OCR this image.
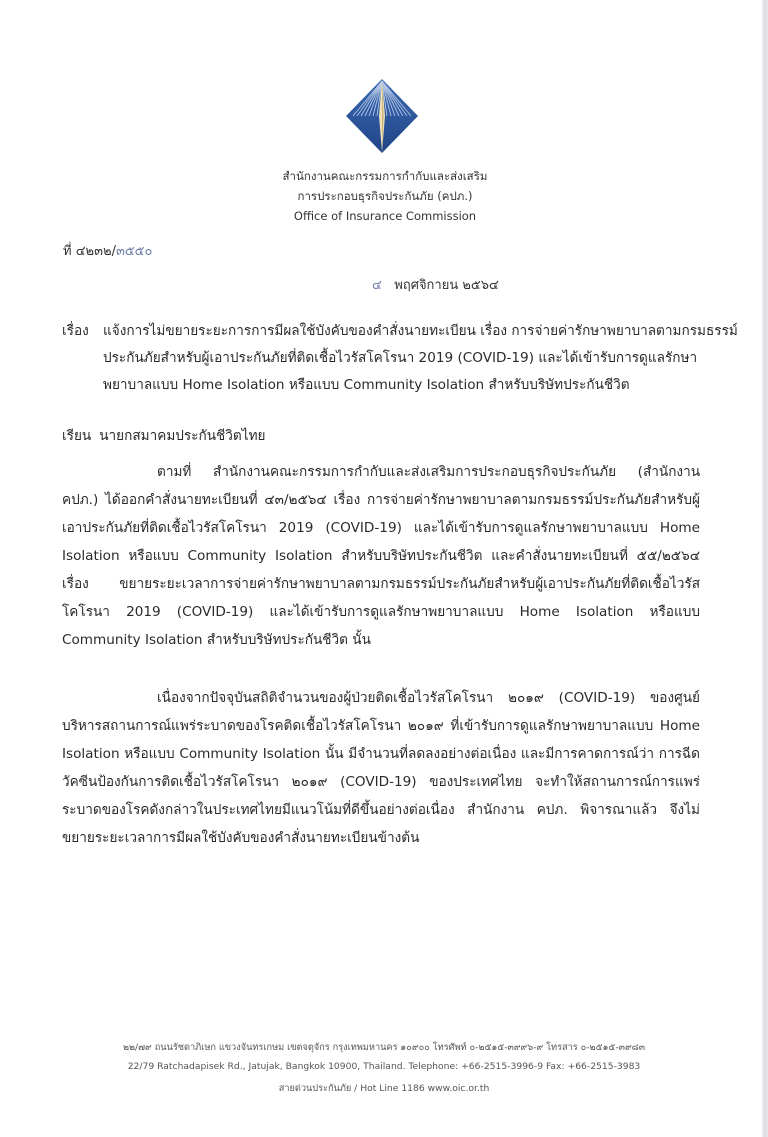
สำนักงานคณะกรรมการกำกับและส่งเสริม
การประกอบธุรกิจประกันภัย (คปภ.)
Office of Insurance Commission
ที่ ๔๒๓๒/๓๕๕๐
๔ พฤศจิกายน ๒๕๖๔
เรื่อง แจ้งการไม่ขยายระยะการการมีผลใช้บังคับของคำสั่งนายทะเบียน เรื่อง การจ่ายค่ารักษาพยาบาลตามกรมธรรม์ประกันภัยสำหรับผู้เอาประกันภัยที่ติดเชื้อไวรัสโคโรนา 2019 (COVID-19) และได้เข้ารับการดูแลรักษาพยาบาลแบบ Home Isolation หรือแบบ Community Isolation สำหรับบริษัทประกันชีวิต
เรียน นายกสมาคมประกันชีวิตไทย
ตามที่ สำนักงานคณะกรรมการกำกับและส่งเสริมการประกอบธุรกิจประกันภัย (สำนักงาน คปภ.) ได้ออกคำสั่งนายทะเบียนที่ ๔๓/๒๕๖๔ เรื่อง การจ่ายค่ารักษาพยาบาลตามกรมธรรม์ประกันภัยสำหรับผู้เอาประกันภัยที่ติดเชื้อไวรัสโคโรนา 2019 (COVID-19) และได้เข้ารับการดูแลรักษาพยาบาลแบบ Home Isolation หรือแบบ Community Isolation สำหรับบริษัทประกันชีวิต และคำสั่งนายทะเบียนที่ ๕๕/๒๕๖๔ เรื่อง ขยายระยะเวลาการจ่ายค่ารักษาพยาบาลตามกรมธรรม์ประกันภัยสำหรับผู้เอาประกันภัยที่ติดเชื้อไวรัสโคโรนา 2019 (COVID-19) และได้เข้ารับการดูแลรักษาพยาบาลแบบ Home Isolation หรือแบบ Community Isolation สำหรับบริษัทประกันชีวิต นั้น
เนื่องจากปัจจุบันสถิติจำนวนของผู้ป่วยติดเชื้อไวรัสโคโรนา ๒๐๑๙ (COVID-19) ของศูนย์บริหารสถานการณ์แพร่ระบาดของโรคติดเชื้อไวรัสโคโรนา ๒๐๑๙ ที่เข้ารับการดูแลรักษาพยาบาลแบบ Home Isolation หรือแบบ Community Isolation นั้น มีจำนวนที่ลดลงอย่างต่อเนื่อง และมีการคาดการณ์ว่า การฉีดวัคซีนป้องกันการติดเชื้อไวรัสโคโรนา ๒๐๑๙ (COVID-19) ของประเทศไทย จะทำให้สถานการณ์การแพร่ระบาดของโรคดังกล่าวในประเทศไทยมีแนวโน้มที่ดีขึ้นอย่างต่อเนื่อง สำนักงาน คปภ. พิจารณาแล้ว จึงไม่ขยายระยะเวลาการมีผลใช้บังคับของคำสั่งนายทะเบียนข้างต้น
๒๒/๗๙ ถนนรัชดาภิเษก แขวงจันทรเกษม เขตจตุจักร กรุงเทพมหานคร ๑๐๙๐๐ โทรศัพท์ ๐-๒๕๑๕-๓๙๙๖-๙ โทรสาร ๐-๒๕๑๕-๓๙๘๓
22/79 Ratchadapisek Rd., Jatujak, Bangkok 10900, Thailand. Telephone: +66-2515-3996-9 Fax: +66-2515-3983
สายด่วนประกันภัย / Hot Line 1186 www.oic.or.th
